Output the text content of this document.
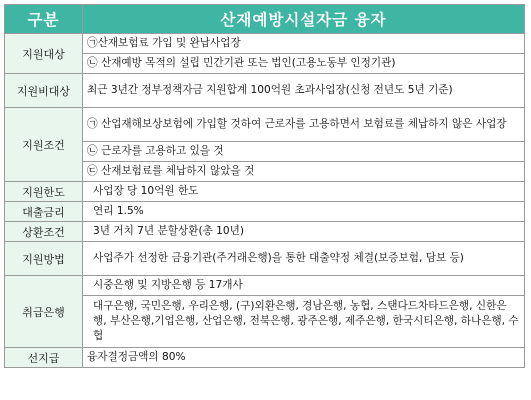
구분	산재예방시설자금 융자
지원대상	㉠산재보험료 가입 및 완납사업장
	㉡ 산재예방 목적의 설립 민간기관 또는 법인(고용노동부 인정기관)
지원비대상	최근 3년간 정부정책자금 지원합계 100억원 초과사업장(신청 전년도 5년 기준)
지원조건	㉠ 산업재해보상보험에 가입할 것하여 근로자를 고용하면서 보험료를 체납하지 않은 사업장
	㉡ 근로자를 고용하고 있을 것
	㉢ 산재보험료를 체납하지 않았을 것
지원한도	사업장 당 10억원 한도
대출금리	연리 1.5%
상환조건	3년 거치 7년 분할상환(총 10년)
지원방법	사업주가 선정한 금융기관(주거래은행)을 통한 대출약정 체결(보증보험, 담보 등)
취급은행	시중은행 및 지방은행 등 17개사
	대구은행, 국민은행, 우리은행, (구)외환은행, 경남은행, 농협, 스탠다드차타드은행, 신한은행, 부산은행,기업은행, 산업은행, 전북은행, 광주은행, 제주은행, 한국시티은행, 하나은행, 수협
선지급	융자결정금액의 80%
